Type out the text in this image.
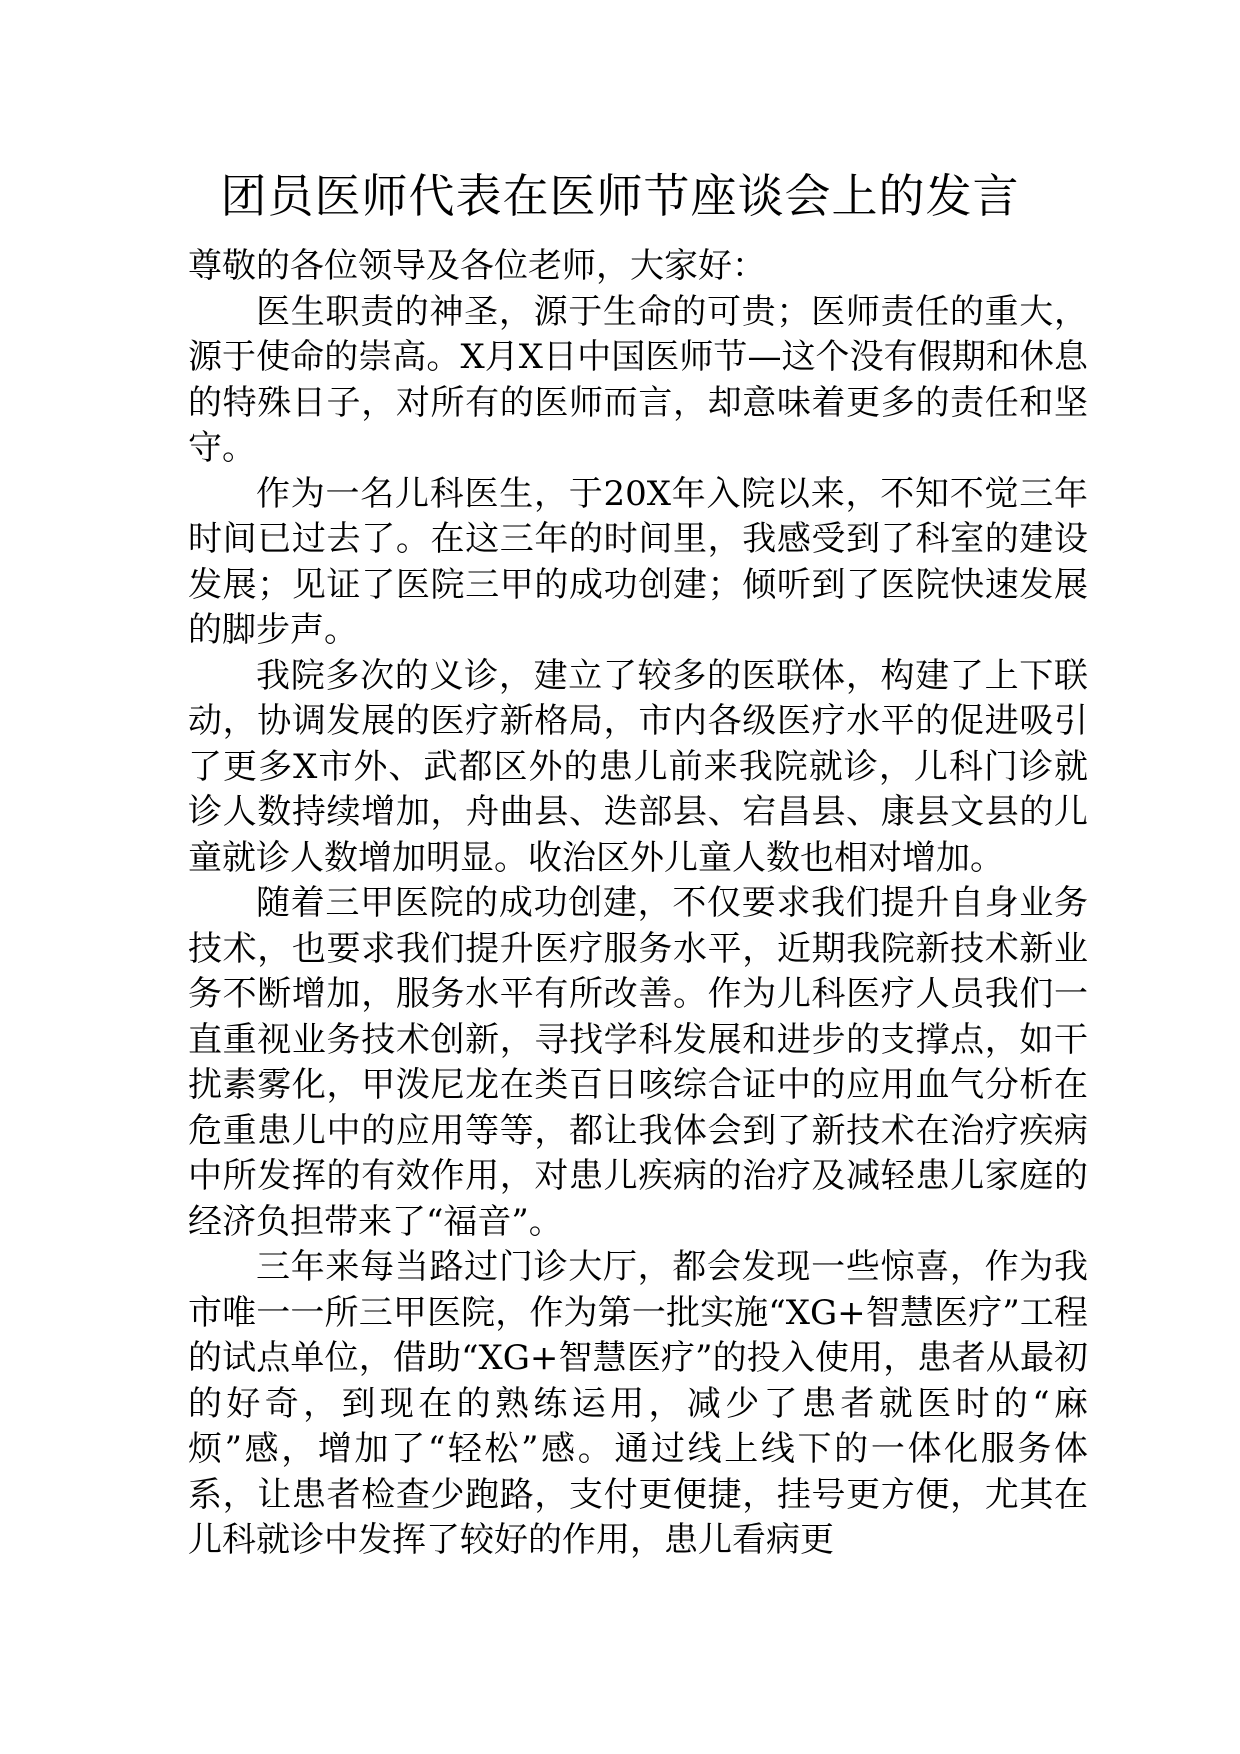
团员医师代表在医师节座谈会上的发言

尊敬的各位领导及各位老师，大家好：

医生职责的神圣，源于生命的可贵；医师责任的重大，源于使命的崇高。X月X日中国医师节—这个没有假期和休息的特殊日子，对所有的医师而言，却意味着更多的责任和坚守。

作为一名儿科医生，于20X年入院以来，不知不觉三年时间已过去了。在这三年的时间里，我感受到了科室的建设发展；见证了医院三甲的成功创建；倾听到了医院快速发展的脚步声。

我院多次的义诊，建立了较多的医联体，构建了上下联动，协调发展的医疗新格局，市内各级医疗水平的促进吸引了更多X市外、武都区外的患儿前来我院就诊，儿科门诊就诊人数持续增加，舟曲县、迭部县、宕昌县、康县文县的儿童就诊人数增加明显。收治区外儿童人数也相对增加。

随着三甲医院的成功创建，不仅要求我们提升自身业务技术，也要求我们提升医疗服务水平，近期我院新技术新业务不断增加，服务水平有所改善。作为儿科医疗人员我们一直重视业务技术创新，寻找学科发展和进步的支撑点，如干扰素雾化，甲泼尼龙在类百日咳综合证中的应用血气分析在危重患儿中的应用等等，都让我体会到了新技术在治疗疾病中所发挥的有效作用，对患儿疾病的治疗及减轻患儿家庭的经济负担带来了“福音”。

三年来每当路过门诊大厅，都会发现一些惊喜，作为我市唯一一所三甲医院，作为第一批实施“XG+智慧医疗”工程的试点单位，借助“XG+智慧医疗”的投入使用，患者从最初的好奇，到现在的熟练运用，减少了患者就医时的“麻烦”感，增加了“轻松”感。通过线上线下的一体化服务体系，让患者检查少跑路，支付更便捷，挂号更方便，尤其在儿科就诊中发挥了较好的作用，患儿看病更
